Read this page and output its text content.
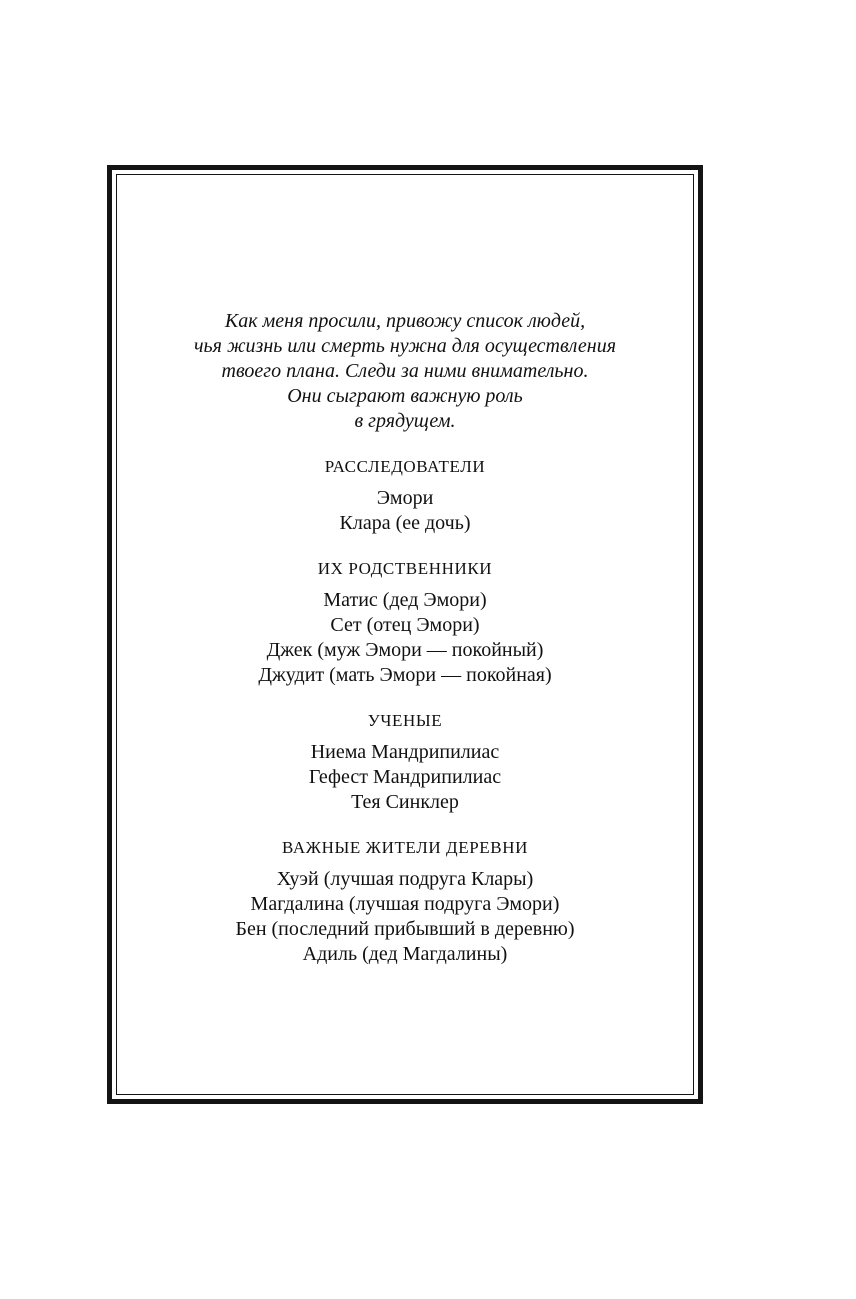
Как меня просили, привожу список людей,
чья жизнь или смерть нужна для осуществления
твоего плана. Следи за ними внимательно.
Они сыграют важную роль
в грядущем.

РАССЛЕДОВАТЕЛИ

Эмори
Клара (ее дочь)

ИХ РОДСТВЕННИКИ

Матис (дед Эмори)
Сет (отец Эмори)
Джек (муж Эмори — покойный)
Джудит (мать Эмори — покойная)

УЧЕНЫЕ

Ниема Мандрипилиас
Гефест Мандрипилиас
Тея Синклер

ВАЖНЫЕ ЖИТЕЛИ ДЕРЕВНИ

Хуэй (лучшая подруга Клары)
Магдалина (лучшая подруга Эмори)
Бен (последний прибывший в деревню)
Адиль (дед Магдалины)
